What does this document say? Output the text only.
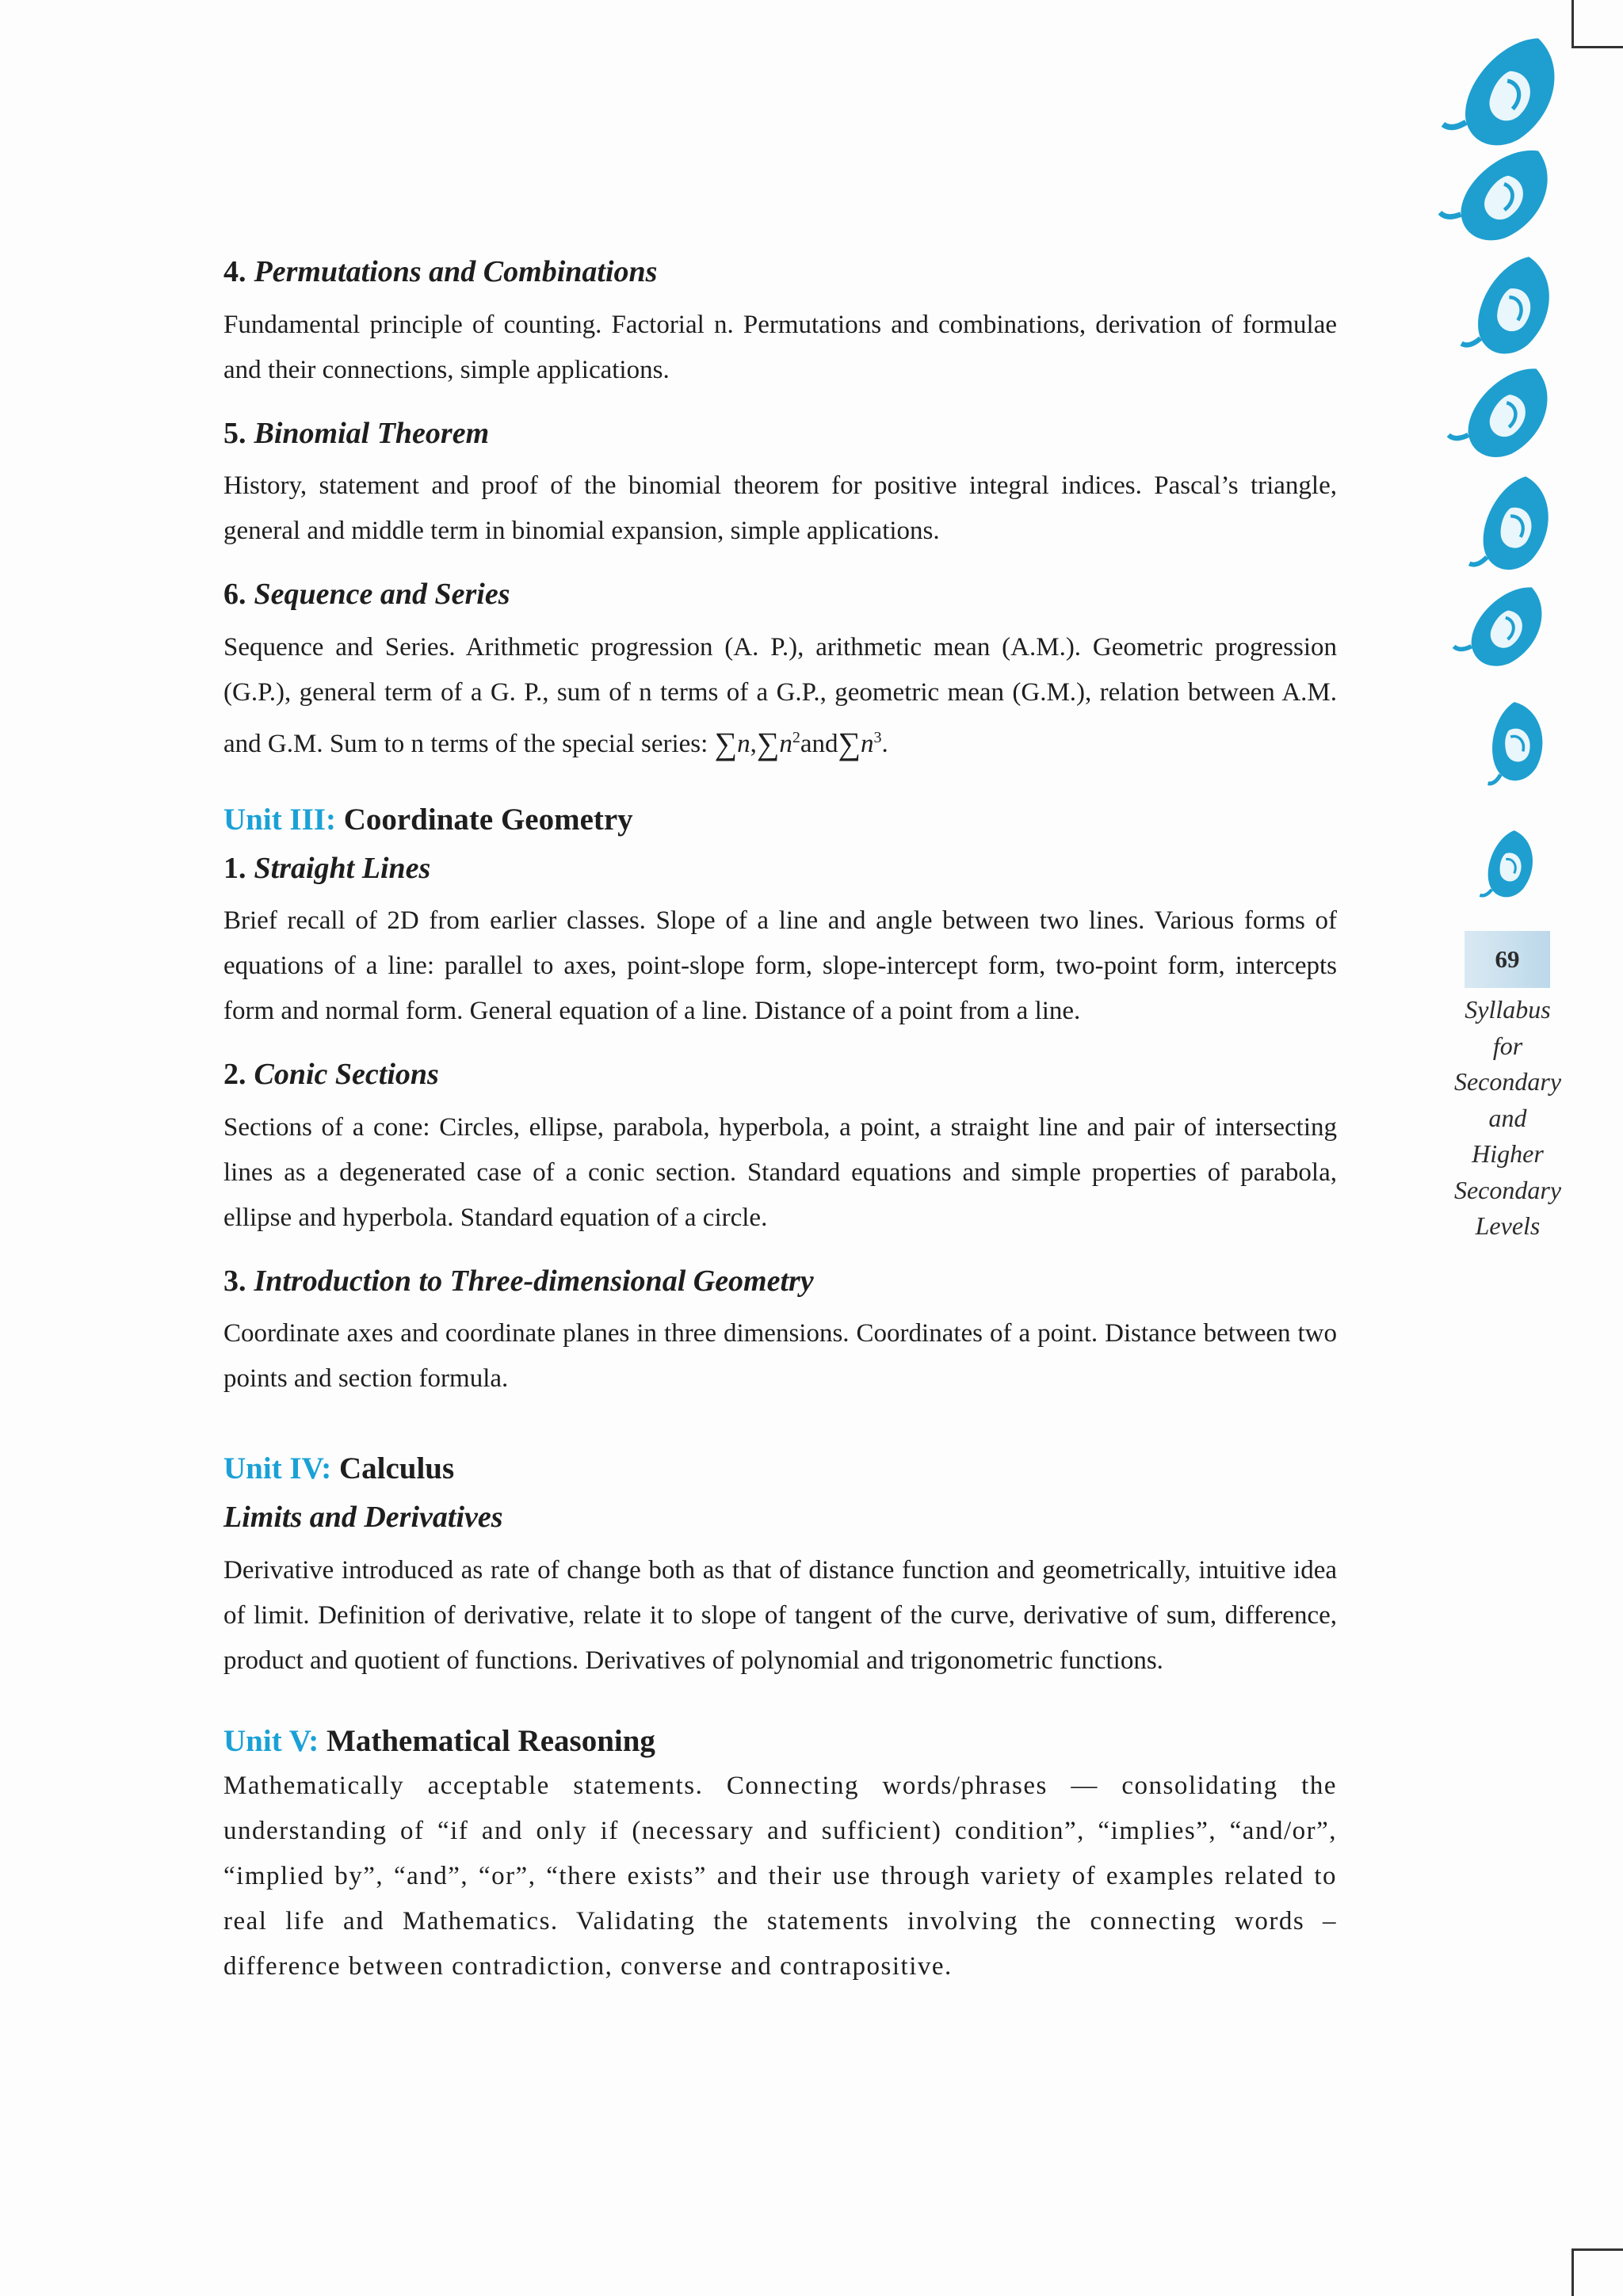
69
Syllabus
for
Secondary
and
Higher
Secondary
Levels
4. Permutations and Combinations

Fundamental principle of counting. Factorial n. Permutations and combinations, derivation of formulae and their connections, simple applications.

5. Binomial Theorem

History, statement and proof of the binomial theorem for positive integral indices. Pascal’s triangle, general and middle term in binomial expansion, simple applications.

6. Sequence and Series

Sequence and Series. Arithmetic progression (A. P.), arithmetic mean (A.M.). Geometric progression (G.P.), general term of a G. P., sum of n terms of a G.P., geometric mean (G.M.), relation between A.M. and G.M. Sum to n terms of the special series: $\sum n,\sum n^2and\sum n^3$.

Unit III: Coordinate Geometry
1. Straight Lines

Brief recall of 2D from earlier classes. Slope of a line and angle between two lines. Various forms of equations of a line: parallel to axes, point-slope form, slope-intercept form, two-point form, intercepts form and normal form. General equation of a line. Distance of a point from a line.

2. Conic Sections

Sections of a cone: Circles, ellipse, parabola, hyperbola, a point, a straight line and pair of intersecting lines as a degenerated case of a conic section. Standard equations and simple properties of parabola, ellipse and hyperbola. Standard equation of a circle.

3. Introduction to Three-dimensional Geometry

Coordinate axes and coordinate planes in three dimensions. Coordinates of a point. Distance between two points and section formula.

Unit IV: Calculus
Limits and Derivatives

Derivative introduced as rate of change both as that of distance function and geometrically, intuitive idea of limit. Definition of derivative, relate it to slope of tangent of the curve, derivative of sum, difference, product and quotient of functions. Derivatives of polynomial and trigonometric functions.

Unit V: Mathematical Reasoning

Mathematically acceptable statements. Connecting words/phrases — consolidating the understanding of “if and only if (necessary and sufficient) condition”, “implies”, “and/or”, “implied by”, “and”, “or”, “there exists” and their use through variety of examples related to real life and Mathematics. Validating the statements involving the connecting words – difference between contradiction, converse and contrapositive.
